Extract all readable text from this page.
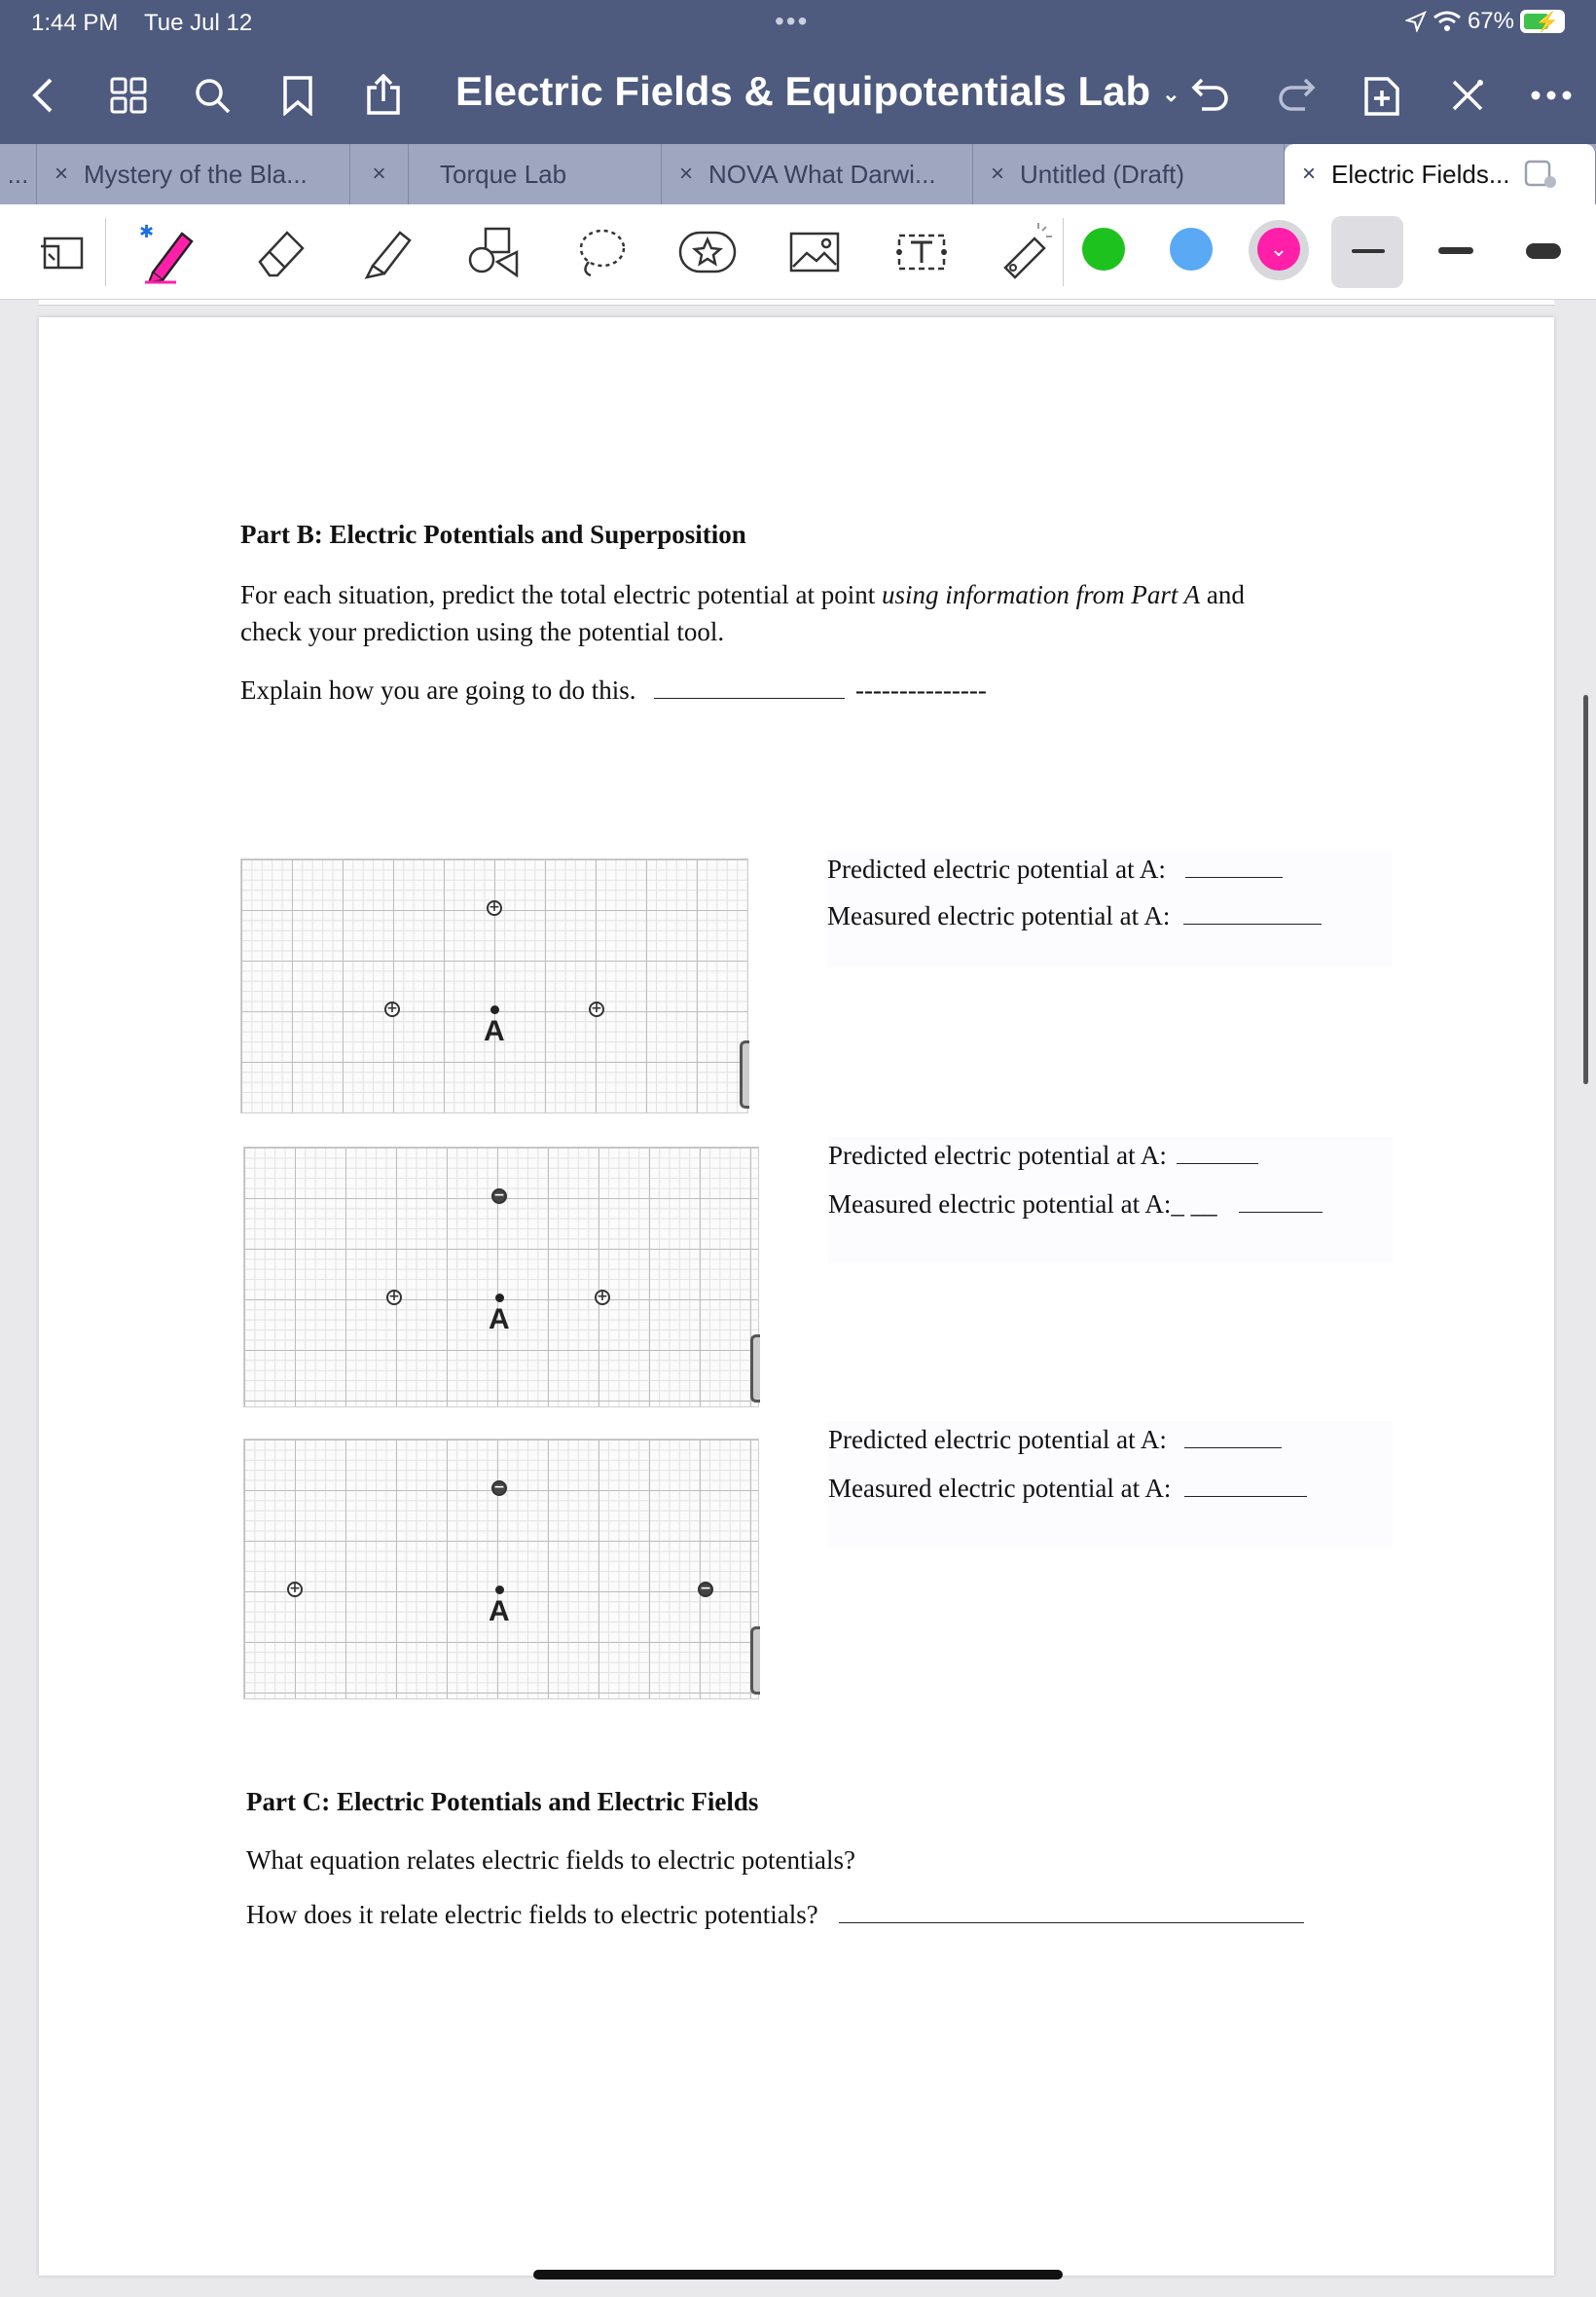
1:44 PM Tue Jul 12	•••	67% ⚡
Electric Fields & Equipotentials Lab ⌄
... × Mystery of the Bla...	× Torque Lab	× NOVA What Darwi... × Untitled (Draft)	× Electric Fields...
✱
⌄
Part B: Electric Potentials and Superposition
For each situation, predict the total electric potential at point using information from Part A and
check your prediction using the potential tool.
Explain how you are going to do this.	---------------
+
+	+
A
Predicted electric potential at A:
Measured electric potential at A:
−
+	+
A
Predicted electric potential at A:
Measured electric potential at A:_ __
−
+	−
A
Predicted electric potential at A:
Measured electric potential at A:
Part C: Electric Potentials and Electric Fields
What equation relates electric fields to electric potentials?
How does it relate electric fields to electric potentials?
